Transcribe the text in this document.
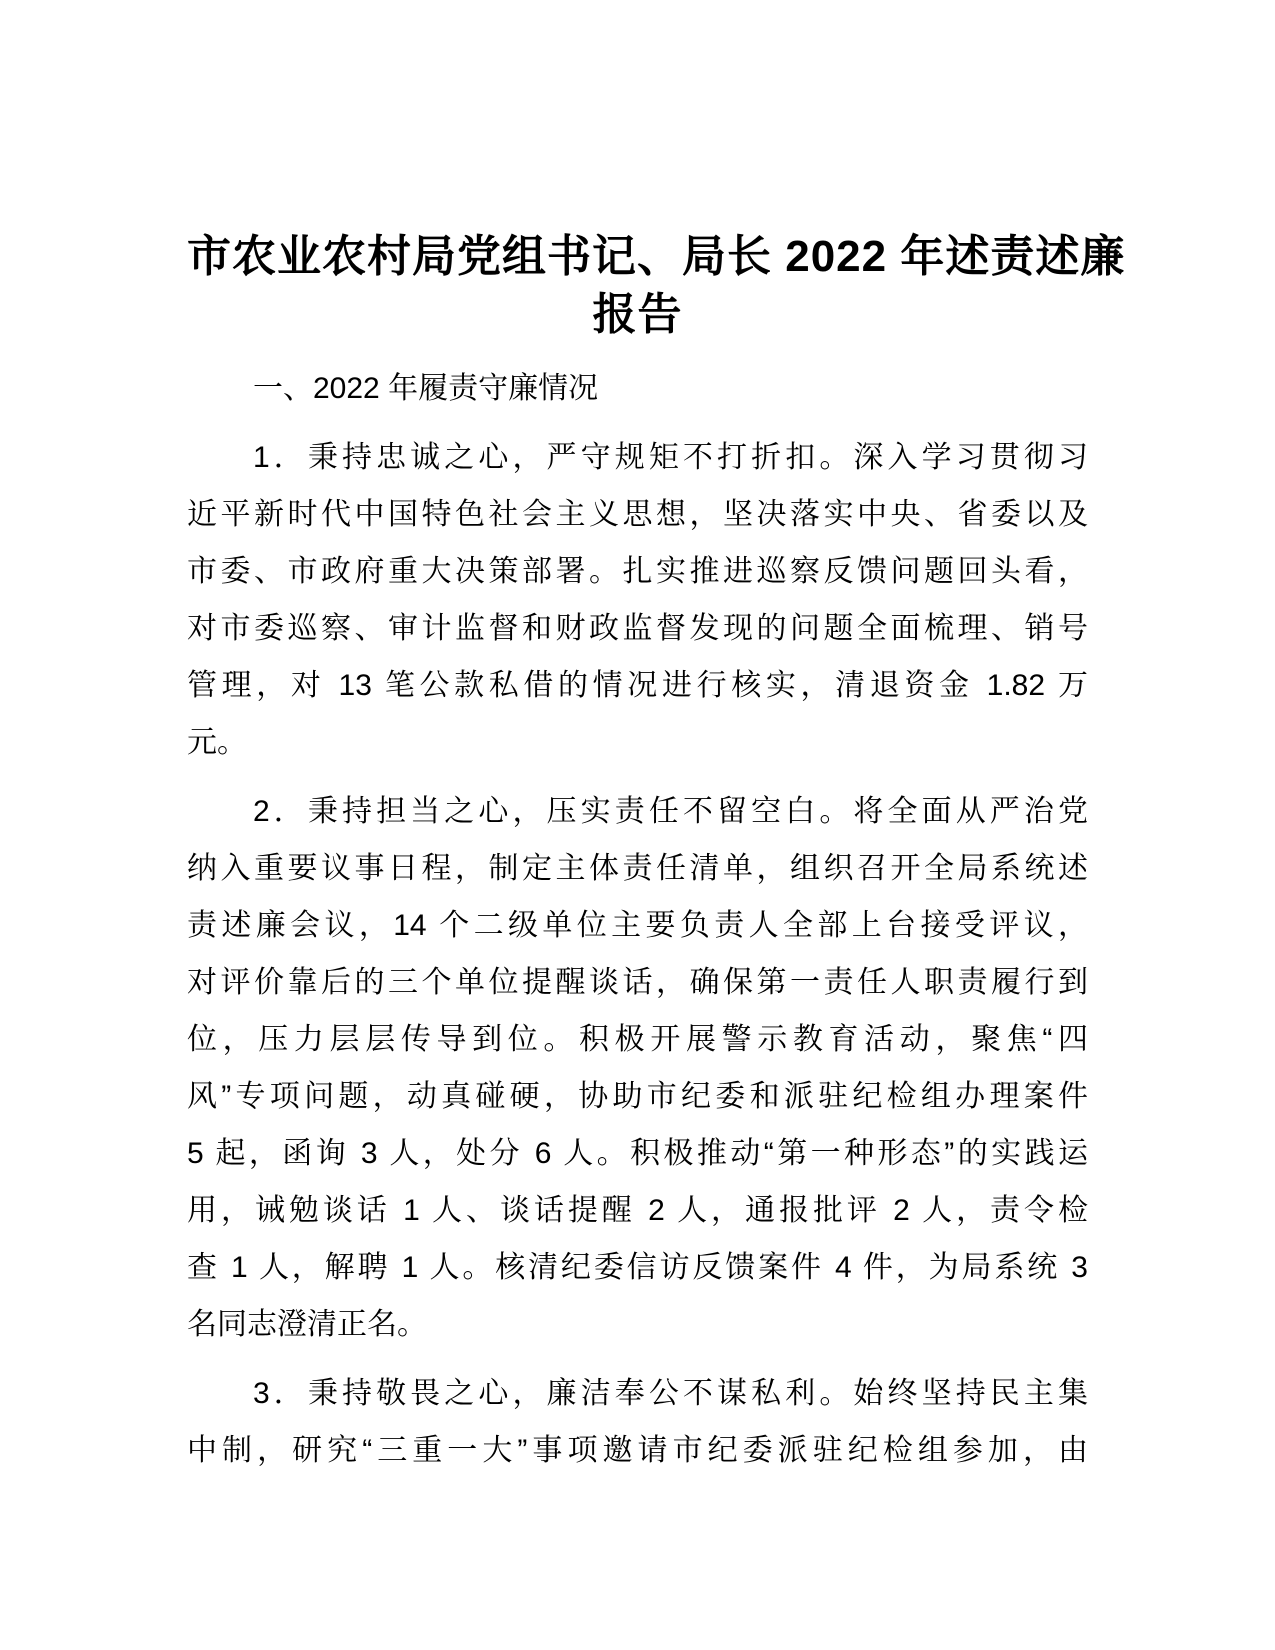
市农业农村局党组书记、局长 2022 年述责述廉
报告
一、2022 年履责守廉情况
1．秉持忠诚之心，严守规矩不打折扣。深入学习贯彻习
近平新时代中国特色社会主义思想，坚决落实中央、省委以及
市委、市政府重大决策部署。扎实推进巡察反馈问题回头看，
对市委巡察、审计监督和财政监督发现的问题全面梳理、销号
管理，对 13 笔公款私借的情况进行核实，清退资金 1.82 万
元。
2．秉持担当之心，压实责任不留空白。将全面从严治党
纳入重要议事日程，制定主体责任清单，组织召开全局系统述
责述廉会议，14 个二级单位主要负责人全部上台接受评议，
对评价靠后的三个单位提醒谈话，确保第一责任人职责履行到
位，压力层层传导到位。积极开展警示教育活动，聚焦“四
风”专项问题，动真碰硬，协助市纪委和派驻纪检组办理案件
5 起，函询 3 人，处分 6 人。积极推动“第一种形态”的实践运
用，诫勉谈话 1 人、谈话提醒 2 人，通报批评 2 人，责令检
查 1 人，解聘 1 人。核清纪委信访反馈案件 4 件，为局系统 3
名同志澄清正名。
3．秉持敬畏之心，廉洁奉公不谋私利。始终坚持民主集
中制，研究“三重一大”事项邀请市纪委派驻纪检组参加，由
